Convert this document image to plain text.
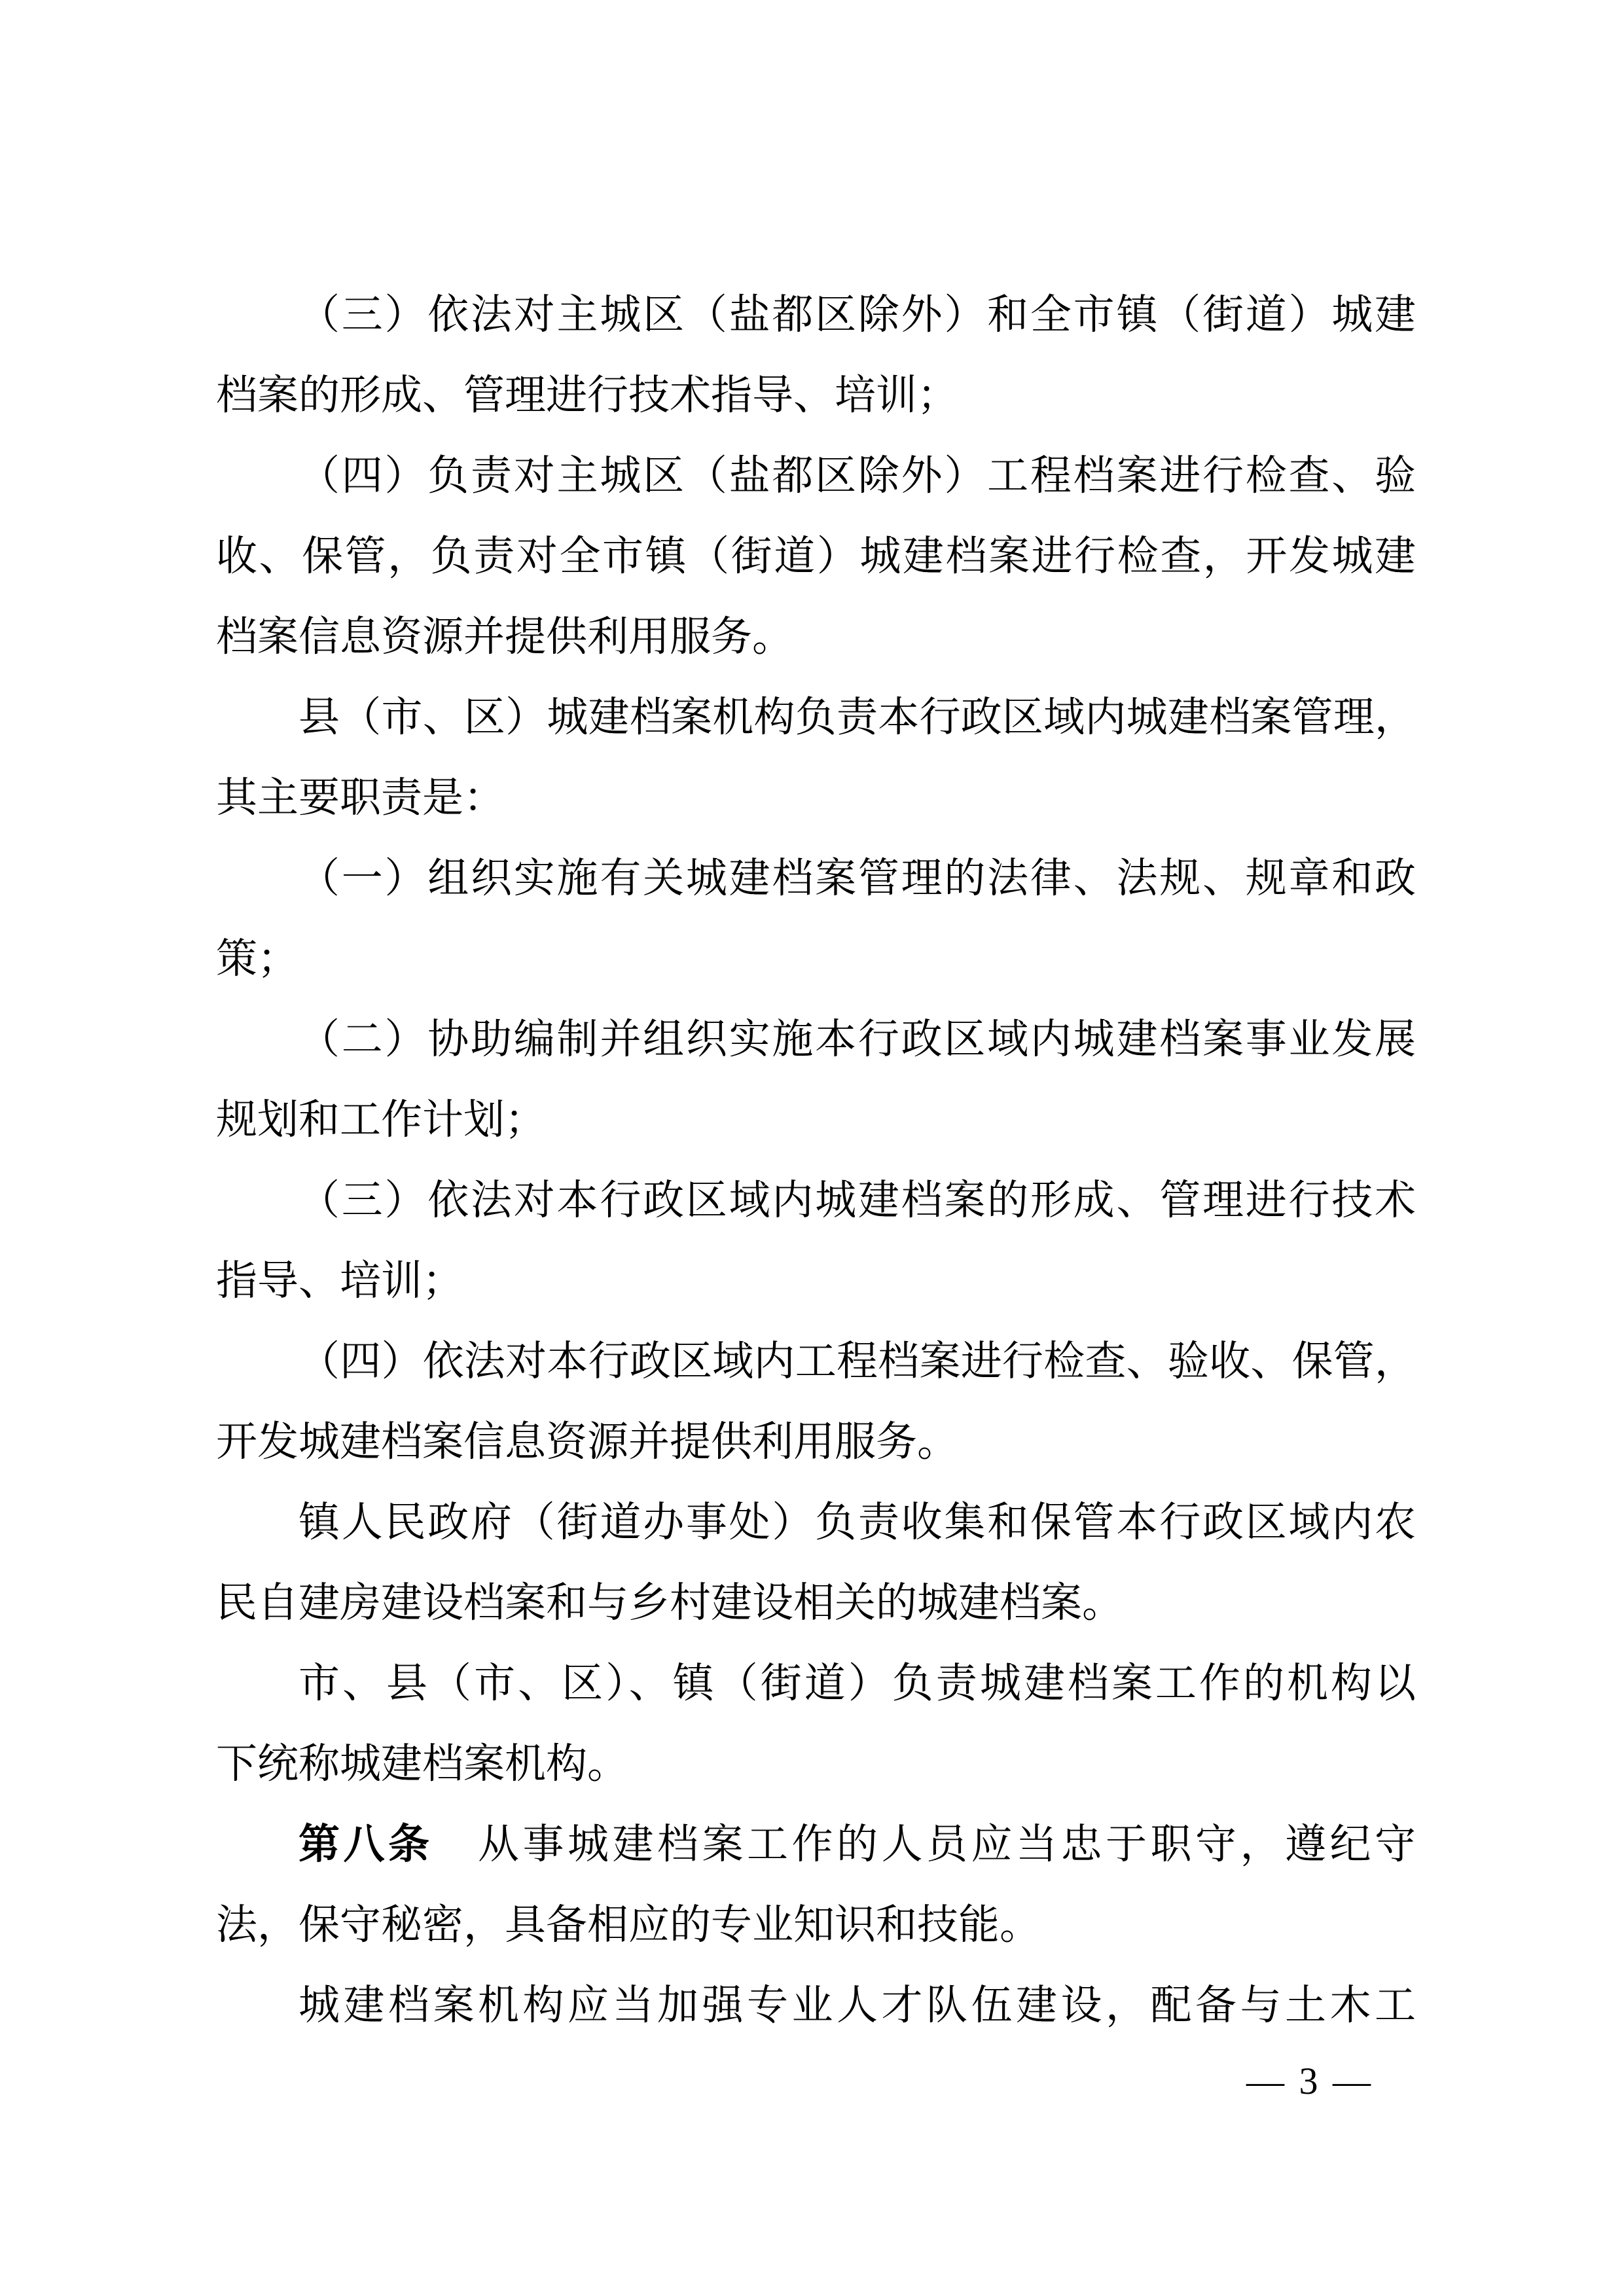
（三）依法对主城区（盐都区除外）和全市镇（街道）城建

档案的形成、管理进行技术指导、培训；

（四）负责对主城区（盐都区除外）工程档案进行检查、验

收、保管，负责对全市镇（街道）城建档案进行检查，开发城建

档案信息资源并提供利用服务。

县（市、区）城建档案机构负责本行政区域内城建档案管理，

其主要职责是：

（一）组织实施有关城建档案管理的法律、法规、规章和政

策；

（二）协助编制并组织实施本行政区域内城建档案事业发展

规划和工作计划；

（三）依法对本行政区域内城建档案的形成、管理进行技术

指导、培训；

（四）依法对本行政区域内工程档案进行检查、验收、保管，

开发城建档案信息资源并提供利用服务。

镇人民政府（街道办事处）负责收集和保管本行政区域内农

民自建房建设档案和与乡村建设相关的城建档案。

市、县（市、区）、镇（街道）负责城建档案工作的机构以

下统称城建档案机构。

第八条　从事城建档案工作的人员应当忠于职守，遵纪守

法，保守秘密，具备相应的专业知识和技能。

城建档案机构应当加强专业人才队伍建设，配备与土木工

— 3 —
